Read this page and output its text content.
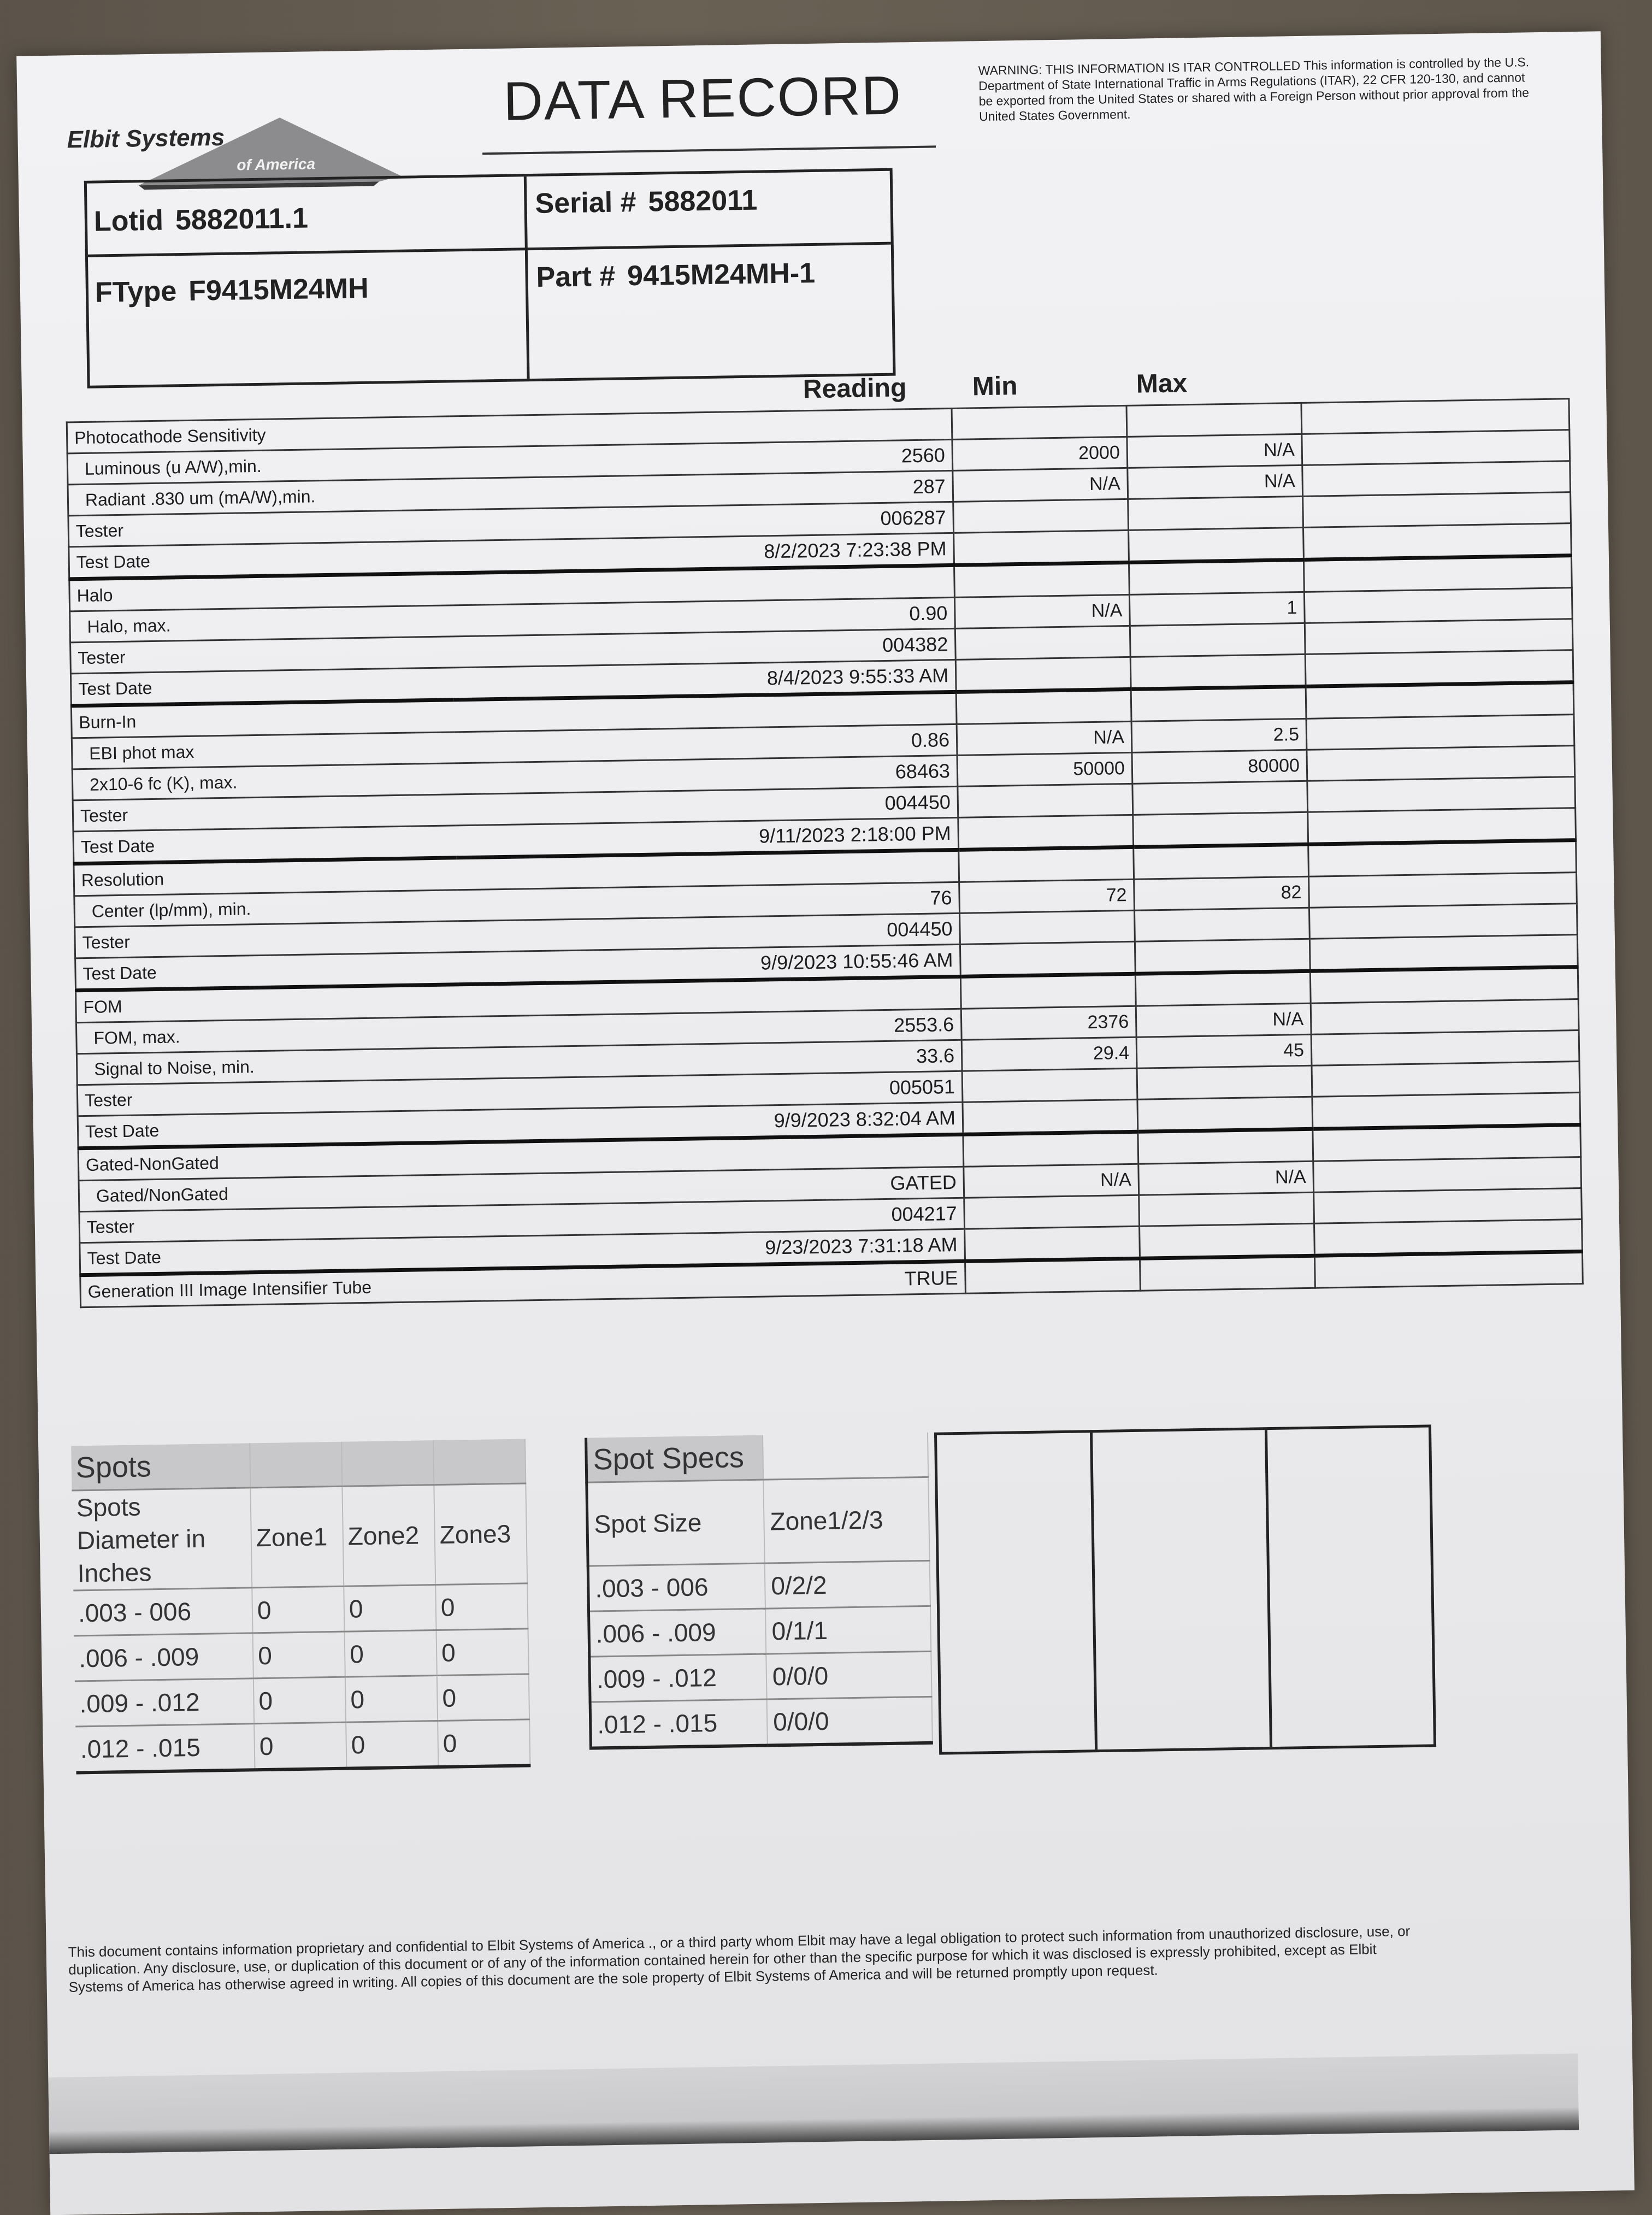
Elbit Systems
of America
DATA RECORD	WARNING: THIS INFORMATION IS ITAR CONTROLLED This information is controlled by the U.S. Department of State International Traffic in Arms Regulations (ITAR), 22 CFR 120-130, and cannot be exported from the United States or shared with a Foreign Person without prior approval from the United States Government.
Lotid 5882011.1	Serial # 5882011
FType F9415M24MH	Part # 9415M24MH-1
Reading Min	Max
Photocathode Sensitivity				
Luminous (u A/W),min.	2560	2000	N/A	
Radiant .830 um (mA/W),min.	287	N/A	N/A	
Tester	006287			
Test Date	8/2/2023 7:23:38 PM			
Halo				
Halo, max.	0.90	N/A	1	
Tester	004382			
Test Date	8/4/2023 9:55:33 AM			
Burn-In				
EBI phot max	0.86	N/A	2.5	
2x10-6 fc (K), max.	68463	50000	80000	
Tester	004450			
Test Date	9/11/2023 2:18:00 PM			
Resolution				
Center (lp/mm), min.	76	72	82	
Tester	004450			
Test Date	9/9/2023 10:55:46 AM			
FOM				
FOM, max.	2553.6	2376	N/A	
Signal to Noise, min.	33.6	29.4	45	
Tester	005051			
Test Date	9/9/2023 8:32:04 AM			
Gated-NonGated				
Gated/NonGated	GATED	N/A	N/A	
Tester	004217			
Test Date	9/23/2023 7:31:18 AM			
Generation III Image Intensifier Tube	TRUE			
Spots			
Spots Diameter in Inches	Zone1	Zone2	Zone3
.003 - 006	0	0	0
.006 - .009	0	0	0
.009 - .012	0	0	0
.012 - .015	0	0	0
Spot Specs	
Spot Size	Zone1/2/3
.003 - 006	0/2/2
.006 - .009	0/1/1
.009 - .012	0/0/0
.012 - .015	0/0/0
This document contains information proprietary and confidential to Elbit Systems of America ., or a third party whom Elbit may have a legal obligation to protect such information from unauthorized disclosure, use, or duplication. Any disclosure, use, or duplication of this document or of any of the information contained herein for other than the specific purpose for which it was disclosed is expressly prohibited, except as Elbit Systems of America has otherwise agreed in writing. All copies of this document are the sole property of Elbit Systems of America and will be returned promptly upon request.
